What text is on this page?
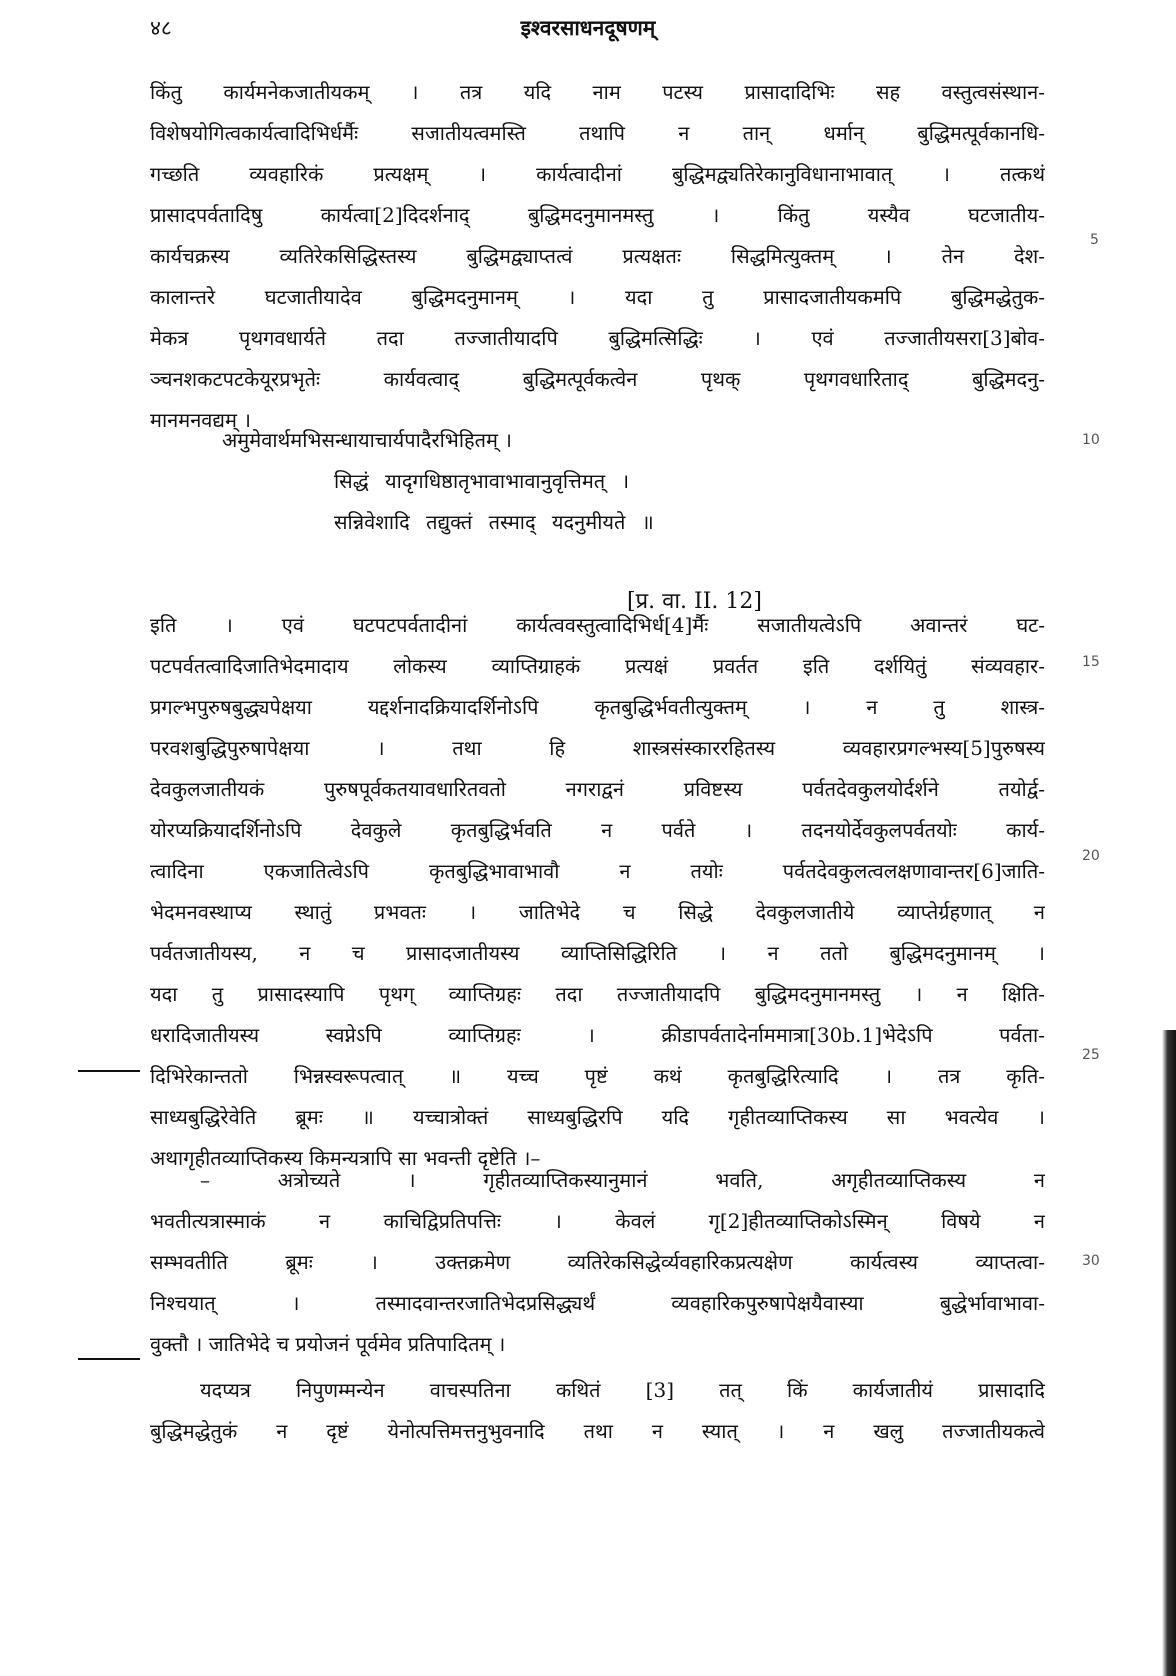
४८	इश्वरसाधनदूषणम्
किंतु कार्यमनेकजातीयकम् । तत्र यदि नाम पटस्य प्रासादादिभिः सह वस्तुत्वसंस्थान-
विशेषयोगित्वकार्यत्वादिभिर्धर्मैः सजातीयत्वमस्ति तथापि न तान् धर्मान् बुद्धिमत्पूर्वकानधि-
गच्छति व्यवहारिकं प्रत्यक्षम् । कार्यत्वादीनां बुद्धिमद्व्यतिरेकानुविधानाभावात् । तत्कथं
प्रासादपर्वतादिषु कार्यत्वा[2]दिदर्शनाद् बुद्धिमदनुमानमस्तु । किंतु यस्यैव घटजातीय-
कार्यचक्रस्य व्यतिरेकसिद्धिस्तस्य बुद्धिमद्व्याप्तत्वं प्रत्यक्षतः सिद्धमित्युक्तम् । तेन देश-
कालान्तरे घटजातीयादेव बुद्धिमदनुमानम् । यदा तु प्रासादजातीयकमपि बुद्धिमद्धेतुक-
मेकत्र पृथगवधार्यते तदा तज्जातीयादपि बुद्धिमत्सिद्धिः । एवं तज्जातीयसरा[3]बोव-
ञ्चनशकटपटकेयूरप्रभृतेः कार्यवत्वाद् बुद्धिमत्पूर्वकत्वेन पृथक् पृथगवधारिताद् बुद्धिमदनु-
मानमनवद्यम् ।
अमुमेवार्थमभिसन्धायाचार्यपादैरभिहितम् ।
सिद्धं यादृगधिष्ठातृभावाभावानुवृत्तिमत् ।
सन्निवेशादि तद्युक्तं तस्माद् यदनुमीयते ॥
[प्र. वा. II. 12]
इति । एवं घटपटपर्वतादीनां कार्यत्ववस्तुत्वादिभिर्ध[4]र्मैः सजातीयत्वेऽपि अवान्तरं घट-
पटपर्वतत्वादिजातिभेदमादाय लोकस्य व्याप्तिग्राहकं प्रत्यक्षं प्रवर्तत इति दर्शयितुं संव्यवहार-
प्रगल्भपुरुषबुद्ध्यपेक्षया यद्दर्शनादक्रियादर्शिनोऽपि कृतबुद्धिर्भवतीत्युक्तम् । न तु शास्त्र-
परवशबुद्धिपुरुषापेक्षया । तथा हि शास्त्रसंस्काररहितस्य व्यवहारप्रगल्भस्य[5]पुरुषस्य
देवकुलजातीयकं पुरुषपूर्वकतयावधारितवतो नगराद्वनं प्रविष्टस्य पर्वतदेवकुलयोर्दर्शने तयोर्द्व-
योरप्यक्रियादर्शिनोऽपि देवकुले कृतबुद्धिर्भवति न पर्वते । तदनयोर्देवकुलपर्वतयोः कार्य-
त्वादिना एकजातित्वेऽपि कृतबुद्धिभावाभावौ न तयोः पर्वतदेवकुलत्वलक्षणावान्तर[6]जाति-
भेदमनवस्थाप्य स्थातुं प्रभवतः । जातिभेदे च सिद्धे देवकुलजातीये व्याप्तेर्ग्रहणात् न
पर्वतजातीयस्य, न च प्रासादजातीयस्य व्याप्तिसिद्धिरिति । न ततो बुद्धिमदनुमानम् ।
यदा तु प्रासादस्यापि पृथग् व्याप्तिग्रहः तदा तज्जातीयादपि बुद्धिमदनुमानमस्तु । न क्षिति-
धरादिजातीयस्य स्वप्नेऽपि व्याप्तिग्रहः । क्रीडापर्वतादेर्नाममात्रा[30b.1]भेदेऽपि पर्वता-
दिभिरेकान्ततो भिन्नस्वरूपत्वात् ॥ यच्च पृष्टं कथं कृतबुद्धिरित्यादि । तत्र कृति-
साध्यबुद्धिरेवेति ब्रूमः ॥ यच्चात्रोक्तं साध्यबुद्धिरपि यदि गृहीतव्याप्तिकस्य सा भवत्येव ।
अथागृहीतव्याप्तिकस्य किमन्यत्रापि सा भवन्ती दृष्टेति ।–
– अत्रोच्यते । गृहीतव्याप्तिकस्यानुमानं भवति, अगृहीतव्याप्तिकस्य न
भवतीत्यत्रास्माकं न काचिद्विप्रतिपत्तिः । केवलं गृ[2]हीतव्याप्तिकोऽस्मिन् विषये न
सम्भवतीति ब्रूमः । उक्तक्रमेण व्यतिरेकसिद्धेर्व्यवहारिकप्रत्यक्षेण कार्यत्वस्य व्याप्तत्वा-
निश्चयात् । तस्मादवान्तरजातिभेदप्रसिद्ध्यर्थं व्यवहारिकपुरुषापेक्षयैवास्या बुद्धेर्भावाभावा-
वुक्तौ । जातिभेदे च प्रयोजनं पूर्वमेव प्रतिपादितम् ।
यदप्यत्र निपुणम्मन्येन वाचस्पतिना कथितं [3] तत् किं कार्यजातीयं प्रासादादि
बुद्धिमद्धेतुकं न दृष्टं येनोत्पत्तिमत्तनुभुवनादि तथा न स्यात् । न खलु तज्जातीयकत्वे
5
10
15
20
25
30
